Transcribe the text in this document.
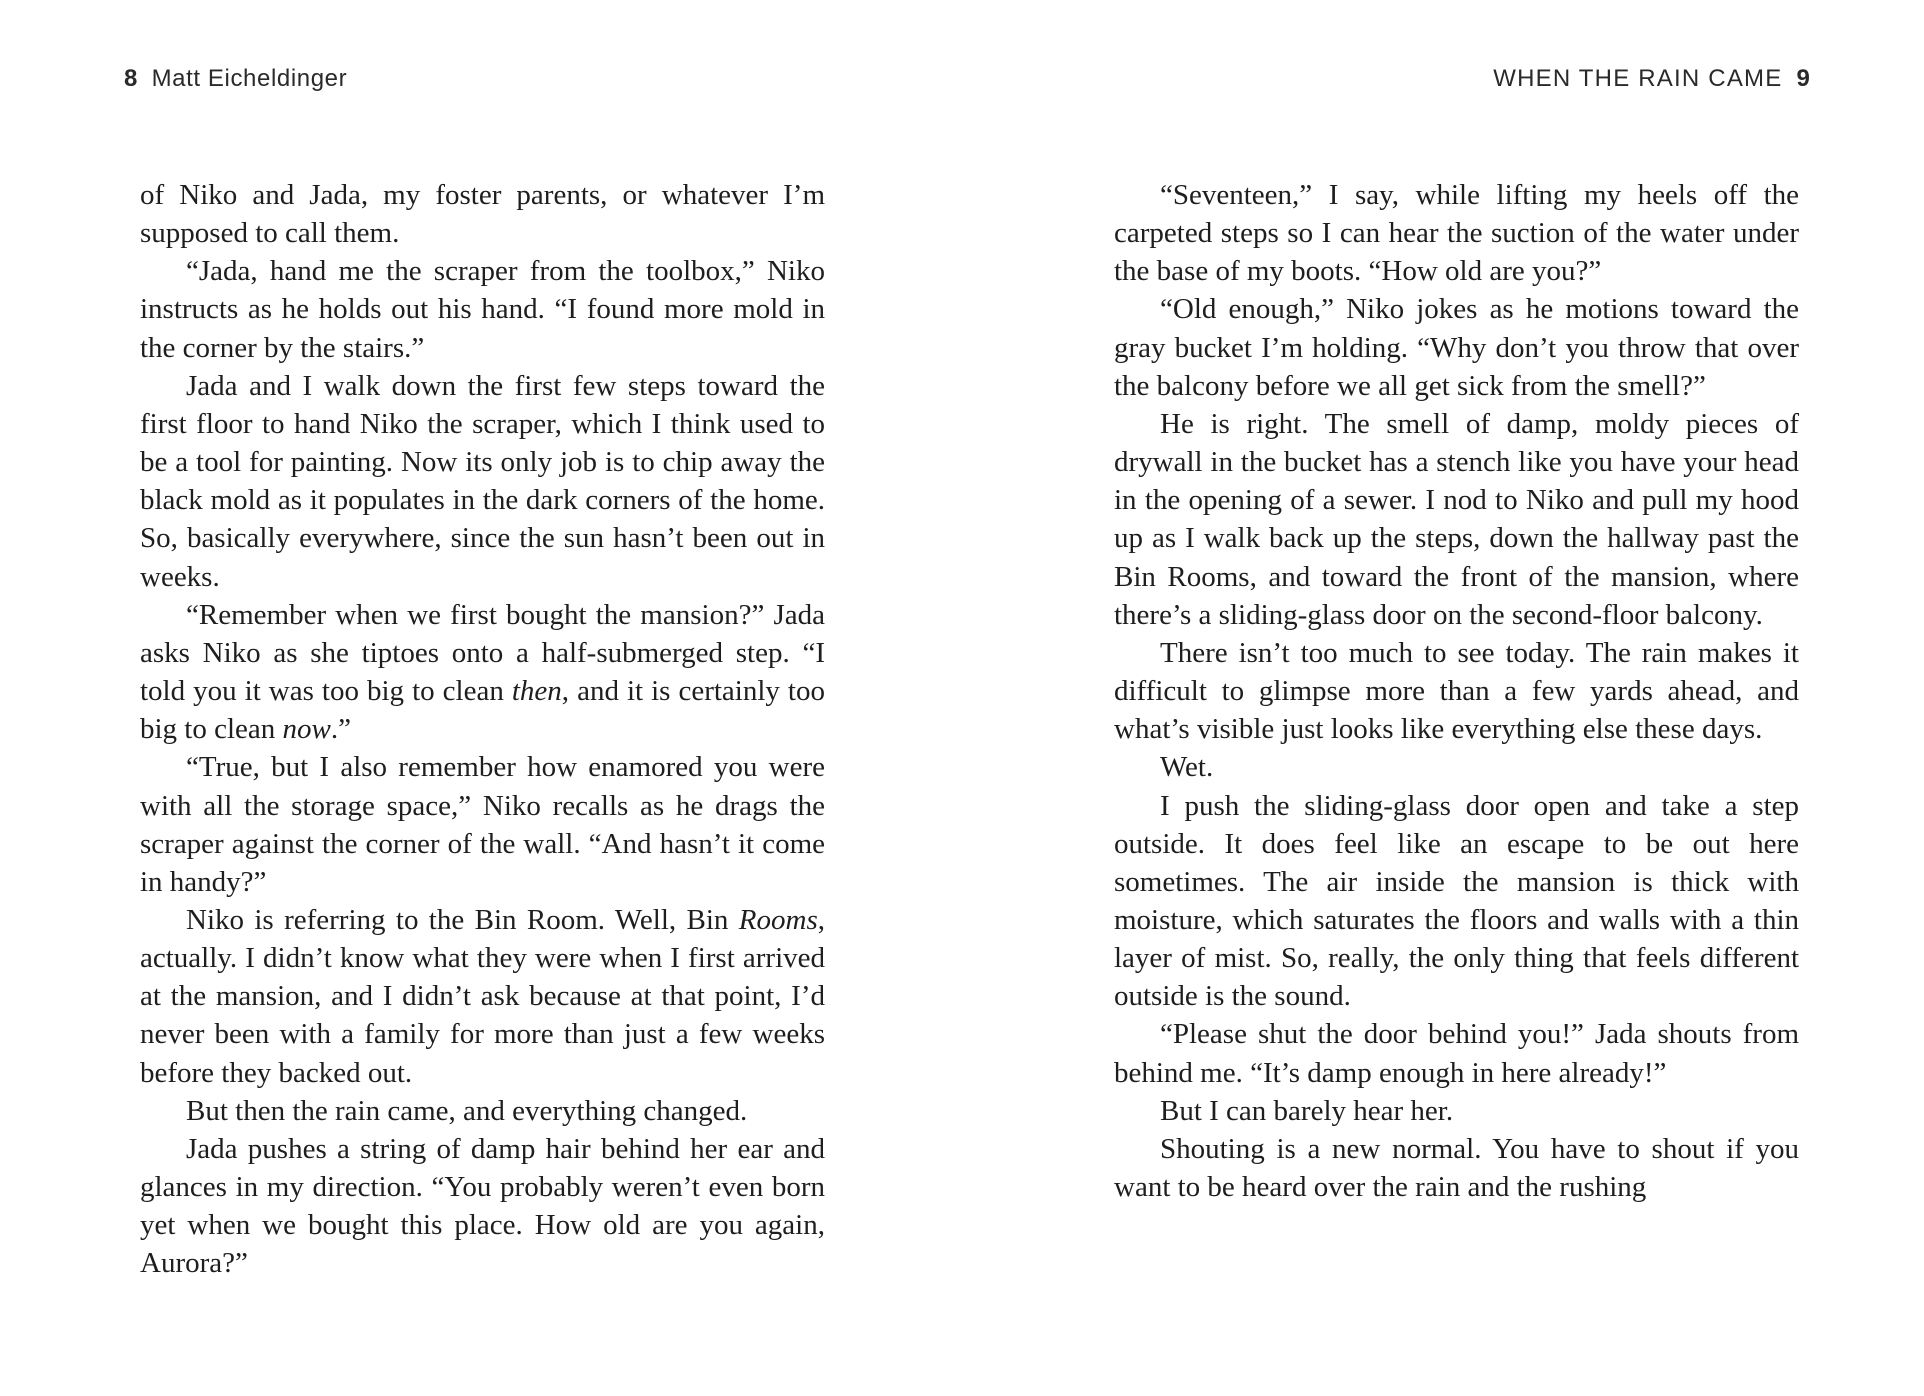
8 Matt Eicheldinger

of Niko and Jada, my foster parents, or whatever I’m supposed to call them.

“Jada, hand me the scraper from the toolbox,” Niko instructs as he holds out his hand. “I found more mold in the corner by the stairs.”

Jada and I walk down the first few steps toward the first floor to hand Niko the scraper, which I think used to be a tool for painting. Now its only job is to chip away the black mold as it populates in the dark corners of the home. So, basically everywhere, since the sun hasn’t been out in weeks.

“Remember when we first bought the mansion?” Jada asks Niko as she tiptoes onto a half-submerged step. “I told you it was too big to clean then, and it is certainly too big to clean now.”

“True, but I also remember how enamored you were with all the storage space,” Niko recalls as he drags the scraper against the corner of the wall. “And hasn’t it come in handy?”

Niko is referring to the Bin Room. Well, Bin Rooms, actually. I didn’t know what they were when I first arrived at the mansion, and I didn’t ask because at that point, I’d never been with a family for more than just a few weeks before they backed out.

But then the rain came, and everything changed.

Jada pushes a string of damp hair behind her ear and glances in my direction. “You probably weren’t even born yet when we bought this place. How old are you again, Aurora?”

WHEN THE RAIN CAME 9

“Seventeen,” I say, while lifting my heels off the carpeted steps so I can hear the suction of the water under the base of my boots. “How old are you?”

“Old enough,” Niko jokes as he motions toward the gray bucket I’m holding. “Why don’t you throw that over the balcony before we all get sick from the smell?”

He is right. The smell of damp, moldy pieces of drywall in the bucket has a stench like you have your head in the opening of a sewer. I nod to Niko and pull my hood up as I walk back up the steps, down the hallway past the Bin Rooms, and toward the front of the mansion, where there’s a sliding-glass door on the second-floor balcony.

There isn’t too much to see today. The rain makes it difficult to glimpse more than a few yards ahead, and what’s visible just looks like everything else these days.

Wet.

I push the sliding-glass door open and take a step outside. It does feel like an escape to be out here sometimes. The air inside the mansion is thick with moisture, which saturates the floors and walls with a thin layer of mist. So, really, the only thing that feels different outside is the sound.

“Please shut the door behind you!” Jada shouts from behind me. “It’s damp enough in here already!”

But I can barely hear her.

Shouting is a new normal. You have to shout if you want to be heard over the rain and the rushing
